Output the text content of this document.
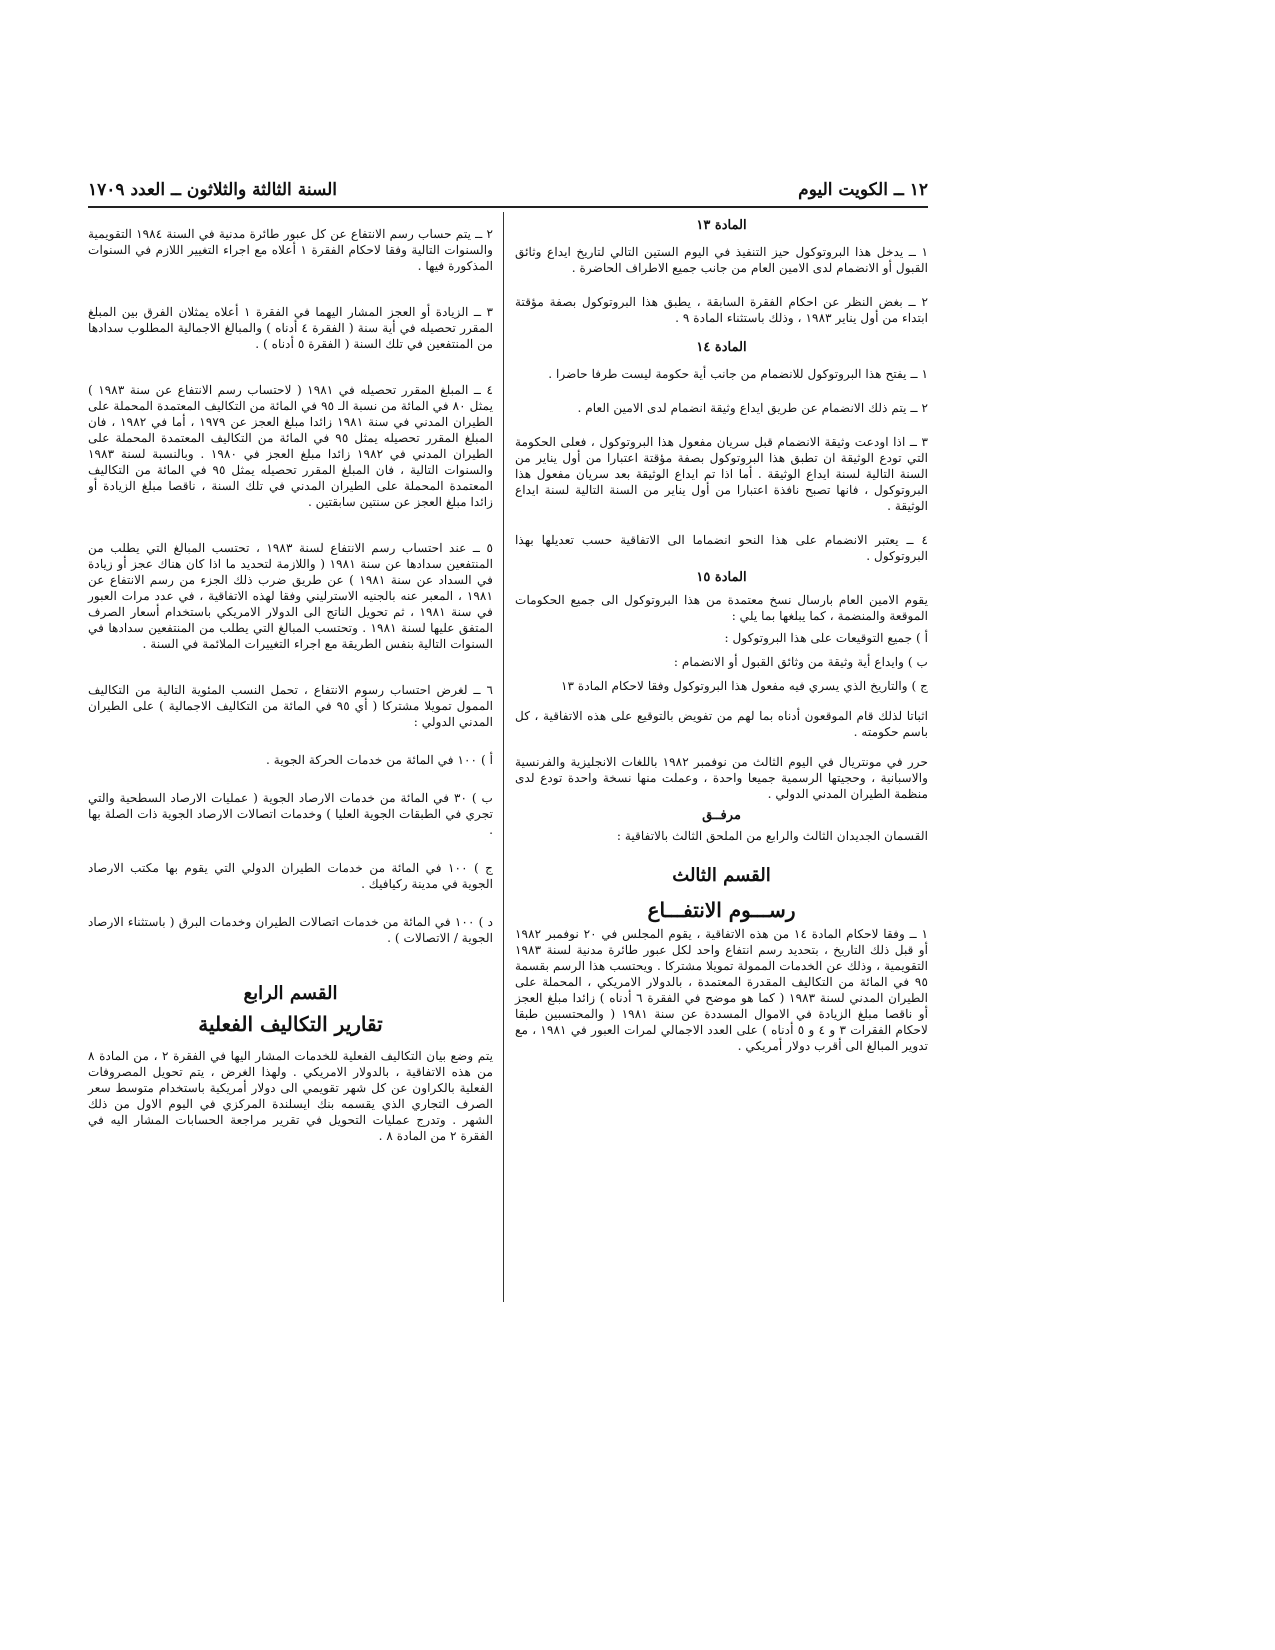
١٢ ــ الكويت اليوم
السنة الثالثة والثلاثون ــ العدد ١٧٠٩

المادة ١٣

١ ــ يدخل هذا البروتوكول حيز التنفيذ في اليوم الستين التالي لتاريخ ايداع وثائق القبول أو الانضمام لدى الامين العام من جانب جميع الاطراف الحاضرة .

٢ ــ بغض النظر عن احكام الفقرة السابقة ، يطبق هذا البروتوكول بصفة مؤقتة ابتداء من أول يناير ١٩٨٣ ، وذلك باستثناء المادة ٩ .

المادة ١٤

١ ــ يفتح هذا البروتوكول للانضمام من جانب أية حكومة ليست طرفا حاضرا .

٢ ــ يتم ذلك الانضمام عن طريق ايداع وثيقة انضمام لدى الامين العام .

٣ ــ اذا اودعت وثيقة الانضمام قبل سريان مفعول هذا البروتوكول ، فعلى الحكومة التي تودع الوثيقة ان تطبق هذا البروتوكول بصفة مؤقتة اعتبارا من أول يناير من السنة التالية لسنة ايداع الوثيقة . أما اذا تم ايداع الوثيقة بعد سريان مفعول هذا البروتوكول ، فانها تصبح نافذة اعتبارا من أول يناير من السنة التالية لسنة ايداع الوثيقة .

٤ ــ يعتبر الانضمام على هذا النحو انضماما الى الاتفاقية حسب تعديلها بهذا البروتوكول .

المادة ١٥

يقوم الامين العام بارسال نسخ معتمدة من هذا البروتوكول الى جميع الحكومات الموقعة والمنضمة ، كما يبلغها بما يلي :

أ ) جميع التوقيعات على هذا البروتوكول :

ب ) وايداع أية وثيقة من وثائق القبول أو الانضمام :

ج ) والتاريخ الذي يسري فيه مفعول هذا البروتوكول وفقا لاحكام المادة ١٣

اثباتا لذلك قام الموقعون أدناه بما لهم من تفويض بالتوقيع على هذه الاتفاقية ، كل باسم حكومته .

حرر في مونتريال في اليوم الثالث من نوفمبر ١٩٨٢ باللغات الانجليزية والفرنسية والاسبانية ، وحجيتها الرسمية جميعا واحدة ، وعملت منها نسخة واحدة تودع لدى منظمة الطيران المدني الدولي .

مرفــق

القسمان الجديدان الثالث والرابع من الملحق الثالث بالاتفاقية :

القسم الثالث

رســـوم الانتفـــاع

١ ــ وفقا لاحكام المادة ١٤ من هذه الاتفاقية ، يقوم المجلس في ٢٠ نوفمبر ١٩٨٢ أو قبل ذلك التاريخ ، بتحديد رسم انتفاع واحد لكل عبور طائرة مدنية لسنة ١٩٨٣ التقويمية ، وذلك عن الخدمات الممولة تمويلا مشتركا . ويحتسب هذا الرسم بقسمة ٩٥ في المائة من التكاليف المقدرة المعتمدة ، بالدولار الامريكي ، المحملة على الطيران المدني لسنة ١٩٨٣ ( كما هو موضح في الفقرة ٦ أدناه ) زائدا مبلغ العجز أو ناقصا مبلغ الزيادة في الاموال المسددة عن سنة ١٩٨١ ( والمحتسبين طبقا لاحكام الفقرات ٣ و ٤ و ٥ أدناه ) على العدد الاجمالي لمرات العبور في ١٩٨١ ، مع تدوير المبالغ الى أقرب دولار أمريكي .

٢ ــ يتم حساب رسم الانتفاع عن كل عبور طائرة مدنية في السنة ١٩٨٤ التقويمية والسنوات التالية وفقا لاحكام الفقرة ١ أعلاه مع اجراء التغيير اللازم في السنوات المذكورة فيها .

٣ ــ الزيادة أو العجز المشار اليهما في الفقرة ١ أعلاه يمثلان الفرق بين المبلغ المقرر تحصيله في أية سنة ( الفقرة ٤ أدناه ) والمبالغ الاجمالية المطلوب سدادها من المنتفعين في تلك السنة ( الفقرة ٥ أدناه ) .

٤ ــ المبلغ المقرر تحصيله في ١٩٨١ ( لاحتساب رسم الانتفاع عن سنة ١٩٨٣ ) يمثل ٨٠ في المائة من نسبة الـ ٩٥ في المائة من التكاليف المعتمدة المحملة على الطيران المدني في سنة ١٩٨١ زائدا مبلغ العجز عن ١٩٧٩ ، أما في ١٩٨٢ ، فان المبلغ المقرر تحصيله يمثل ٩٥ في المائة من التكاليف المعتمدة المحملة على الطيران المدني في ١٩٨٢ زائدا مبلغ العجز في ١٩٨٠ . وبالنسبة لسنة ١٩٨٣ والسنوات التالية ، فان المبلغ المقرر تحصيله يمثل ٩٥ في المائة من التكاليف المعتمدة المحملة على الطيران المدني في تلك السنة ، ناقصا مبلغ الزيادة أو زائدا مبلغ العجز عن سنتين سابقتين .

٥ ــ عند احتساب رسم الانتفاع لسنة ١٩٨٣ ، تحتسب المبالغ التي يطلب من المنتفعين سدادها عن سنة ١٩٨١ ( واللازمة لتحديد ما اذا كان هناك عجز أو زيادة في السداد عن سنة ١٩٨١ ) عن طريق ضرب ذلك الجزء من رسم الانتفاع عن ١٩٨١ ، المعبر عنه بالجنيه الاسترليني وفقا لهذه الاتفاقية ، في عدد مرات العبور في سنة ١٩٨١ ، ثم تحويل الناتج الى الدولار الامريكي باستخدام أسعار الصرف المتفق عليها لسنة ١٩٨١ . وتحتسب المبالغ التي يطلب من المنتفعين سدادها في السنوات التالية بنفس الطريقة مع اجراء التغييرات الملائمة في السنة .

٦ ــ لغرض احتساب رسوم الانتفاع ، تحمل النسب المئوية التالية من التكاليف الممول تمويلا مشتركا ( أي ٩٥ في المائة من التكاليف الاجمالية ) على الطيران المدني الدولي :

أ ) ١٠٠ في المائة من خدمات الحركة الجوية .

ب ) ٣٠ في المائة من خدمات الارصاد الجوية ( عمليات الارصاد السطحية والتي تجري في الطبقات الجوية العليا ) وخدمات اتصالات الارصاد الجوية ذات الصلة بها .

ج ) ١٠٠ في المائة من خدمات الطيران الدولي التي يقوم بها مكتب الارصاد الجوية في مدينة ركيافيك .

د ) ١٠٠ في المائة من خدمات اتصالات الطيران وخدمات البرق ( باستثناء الارصاد الجوية / الاتصالات ) .

القسم الرابع

تقارير التكاليف الفعلية

يتم وضع بيان التكاليف الفعلية للخدمات المشار اليها في الفقرة ٢ ، من المادة ٨ من هذه الاتفاقية ، بالدولار الامريكي . ولهذا الغرض ، يتم تحويل المصروفات الفعلية بالكراون عن كل شهر تقويمي الى دولار أمريكية باستخدام متوسط سعر الصرف التجاري الذي يقسمه بنك ايسلندة المركزي في اليوم الاول من ذلك الشهر . وتدرج عمليات التحويل في تقرير مراجعة الحسابات المشار اليه في الفقرة ٢ من المادة ٨ .
